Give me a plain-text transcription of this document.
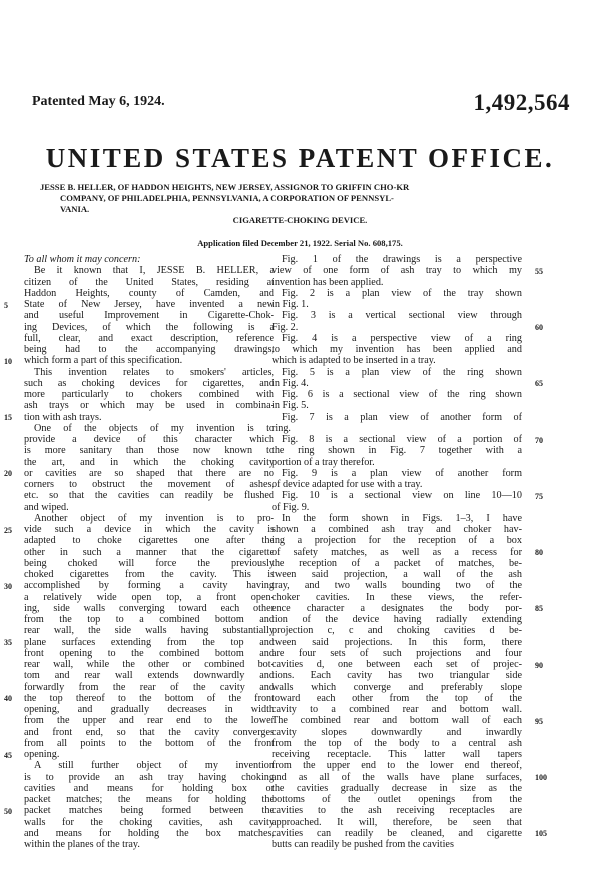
Patented May 6, 1924.	1,492,564
UNITED STATES PATENT OFFICE.
JESSE B. HELLER, OF HADDON HEIGHTS, NEW JERSEY, ASSIGNOR TO GRIFFIN CHO-KR
COMPANY, OF PHILADELPHIA, PENNSYLVANIA, A CORPORATION OF PENNSYL-
VANIA.
CIGARETTE-CHOKING DEVICE.
Application filed December 21, 1922. Serial No. 608,175.
To all whom it may concern:
Be it known that I, JESSE B. HELLER, a
citizen of the United States, residing at
Haddon Heights, county of Camden, and
State of New Jersey, have invented a new
and useful Improvement in Cigarette-Chok-
ing Devices, of which the following is a
full, clear, and exact description, reference
being had to the accompanying drawings,
which form a part of this specification.
This invention relates to smokers' articles,
such as choking devices for cigarettes, and
more particularly to chokers combined with
ash trays or which may be used in combina-
tion with ash trays.
One of the objects of my invention is to
provide a device of this character which
is more sanitary than those now known to
the art, and in which the choking cavity
or cavities are so shaped that there are no
corners to obstruct the movement of ashes,
etc. so that the cavities can readily be flushed
and wiped.
Another object of my invention is to pro-
vide such a device in which the cavity is
adapted to choke cigarettes one after the
other in such a manner that the cigarette
being choked will force the previously
choked cigarettes from the cavity. This is
accomplished by forming a cavity having
a relatively wide open top, a front open-
ing, side walls converging toward each other
from the top to a combined bottom and
rear wall, the side walls having substantially
plane surfaces extending from the top and
front opening to the combined bottom and
rear wall, while the other or combined bot-
tom and rear wall extends downwardly and
forwardly from the rear of the cavity and
the top thereof to the bottom of the front
opening, and gradually decreases in width
from the upper and rear end to the lower
and front end, so that the cavity converges
from all points to the bottom of the front
opening.
A still further object of my invention
is to provide an ash tray having choking
cavities and means for holding box or
packet matches; the means for holding the
packet matches being formed between the
walls for the choking cavities, ash cavity
and means for holding the box matches,
within the planes of the tray.
Fig. 1 of the drawings is a perspective
view of one form of ash tray to which my
invention has been applied.
Fig. 2 is a plan view of the tray shown
in Fig. 1.
Fig. 3 is a vertical sectional view through
Fig. 2.
Fig. 4 is a perspective view of a ring
to which my invention has been applied and
which is adapted to be inserted in a tray.
Fig. 5 is a plan view of the ring shown
in Fig. 4.
Fig. 6 is a sectional view of the ring shown
in Fig. 5.
Fig. 7 is a plan view of another form of
ring.
Fig. 8 is a sectional view of a portion of
the ring shown in Fig. 7 together with a
portion of a tray therefor.
Fig. 9 is a plan view of another form
of device adapted for use with a tray.
Fig. 10 is a sectional view on line 10—10
of Fig. 9.
In the form shown in Figs. 1–3, I have
shown a combined ash tray and choker hav-
ing a projection for the reception of a box
of safety matches, as well as a recess for
the reception of a packet of matches, be-
tween said projection, a wall of the ash
tray, and two walls bounding two of the
choker cavities. In these views, the refer-
ence character a designates the body por-
tion of the device having radially extending
projection c, c and choking cavities d be-
tween said projections. In this form, there
are four sets of such projections and four
cavities d, one between each set of projec-
tions. Each cavity has two triangular side
walls which converge and preferably slope
toward each other from the top of the
cavity to a combined rear and bottom wall.
The combined rear and bottom wall of each
cavity slopes downwardly and inwardly
from the top of the body to a central ash
receiving receptacle. This latter wall tapers
from the upper end to the lower end thereof,
and as all of the walls have plane surfaces,
the cavities gradually decrease in size as the
bottoms of the outlet openings from the
cavities to the ash receiving receptacles are
approached. It will, therefore, be seen that
cavities can readily be cleaned, and cigarette
butts can readily be pushed from the cavities
5
10
15
20
25
30
35
40
45
50
55
60
65
70
75
80
85
90
95
100
105
